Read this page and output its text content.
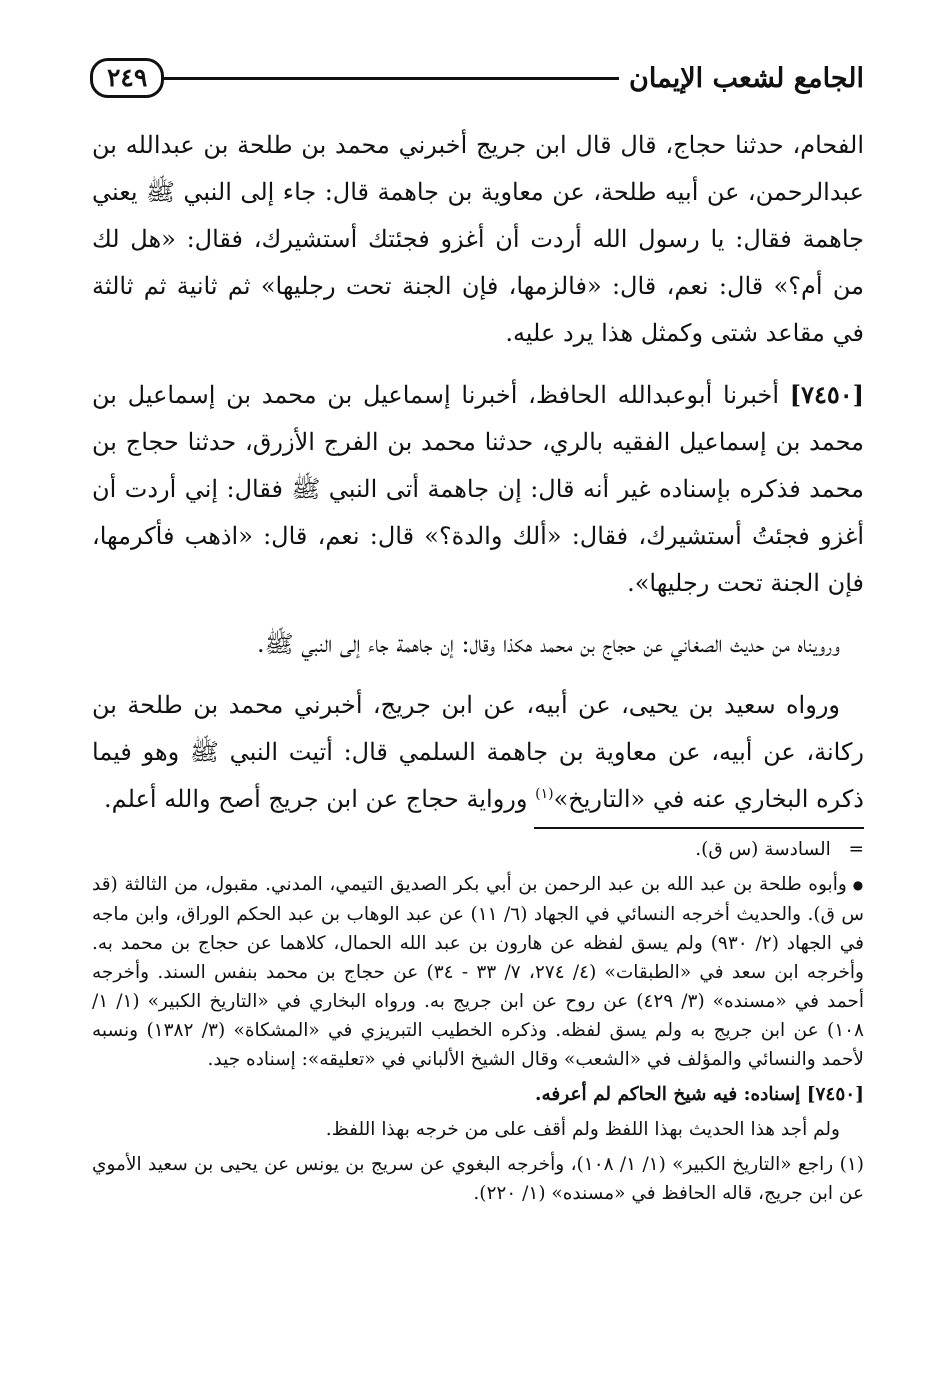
الجامع لشعب الإيمان
٢٤٩

الفحام، حدثنا حجاج، قال قال ابن جريج أخبرني محمد بن طلحة بن عبدالله بن عبدالرحمن، عن أبيه طلحة، عن معاوية بن جاهمة قال: جاء إلى النبي ﷺ يعني جاهمة فقال: يا رسول الله أردت أن أغزو فجئتك أستشيرك، فقال: «هل لك من أم؟» قال: نعم، قال: «فالزمها، فإن الجنة تحت رجليها» ثم ثانية ثم ثالثة في مقاعد شتى وكمثل هذا يرد عليه.

[٧٤٥٠] أخبرنا أبوعبدالله الحافظ، أخبرنا إسماعيل بن محمد بن إسماعيل بن محمد بن إسماعيل الفقيه بالري، حدثنا محمد بن الفرج الأزرق، حدثنا حجاج بن محمد فذكره بإسناده غير أنه قال: إن جاهمة أتى النبي ﷺ فقال: إني أردت أن أغزو فجئتُ أستشيرك، فقال: «ألك والدة؟» قال: نعم، قال: «اذهب فأكرمها، فإن الجنة تحت رجليها».

ورويناه من حديث الصغاني عن حجاج بن محمد هكذا وقال: إن جاهمة جاء إلى النبي ﷺ.

ورواه سعيد بن يحيى، عن أبيه، عن ابن جريج، أخبرني محمد بن طلحة بن ركانة، عن أبيه، عن معاوية بن جاهمة السلمي قال: أتيت النبي ﷺ وهو فيما ذكره البخاري عنه في «التاريخ»$^{(١)}$ ورواية حجاج عن ابن جريج أصح والله أعلم.

=   السادسة (س ق).

● وأبوه طلحة بن عبد الله بن عبد الرحمن بن أبي بكر الصديق التيمي، المدني. مقبول، من الثالثة (قد س ق). والحديث أخرجه النسائي في الجهاد (٦/ ١١) عن عبد الوهاب بن عبد الحكم الوراق، وابن ماجه في الجهاد (٢/ ٩٣٠) ولم يسق لفظه عن هارون بن عبد الله الحمال، كلاهما عن حجاج بن محمد به. وأخرجه ابن سعد في «الطبقات» (٤/ ٢٧٤، ٧/ ٣٣ - ٣٤) عن حجاج بن محمد بنفس السند. وأخرجه أحمد في «مسنده» (٣/ ٤٢٩) عن روح عن ابن جريج به. ورواه البخاري في «التاريخ الكبير» (١/ ١/ ١٠٨) عن ابن جريج به ولم يسق لفظه. وذكره الخطيب التبريزي في «المشكاة» (٣/ ١٣٨٢) ونسبه لأحمد والنسائي والمؤلف في «الشعب» وقال الشيخ الألباني في «تعليقه»: إسناده جيد.

[٧٤٥٠] إسناده: فيه شيخ الحاكم لم أعرفه.

ولم أجد هذا الحديث بهذا اللفظ ولم أقف على من خرجه بهذا اللفظ.

(١) راجع «التاريخ الكبير» (١/ ١/ ١٠٨)، وأخرجه البغوي عن سريج بن يونس عن يحيى بن سعيد الأموي عن ابن جريج، قاله الحافظ في «مسنده» (١/ ٢٢٠).
